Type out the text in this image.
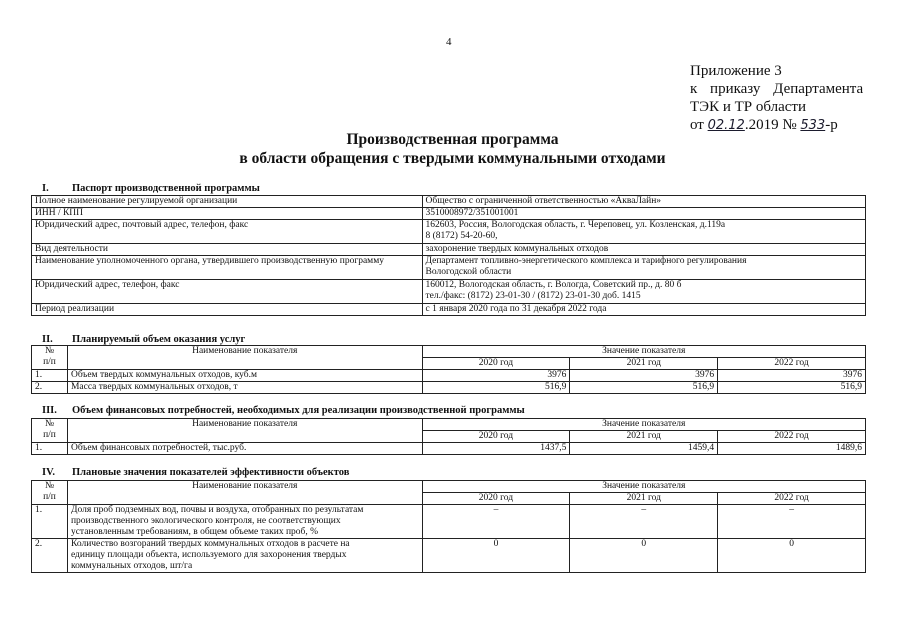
4
Приложение 3
к приказу Департамента
ТЭК и ТР области
от 02.12.2019 № 533-р
Производственная программа
в области обращения с твердыми коммунальными отходами
I. Паспорт производственной программы
Полное наименование регулируемой организации	Общество с ограниченной ответственностью «АкваЛайн»
ИНН / КПП	3510008972/351001001
Юридический адрес, почтовый адрес, телефон, факс	162603, Россия, Вологодская область, г. Череповец, ул. Козленская, д.119а
8 (8172) 54-20-60,

Вид деятельности	захоронение твердых коммунальных отходов
Наименование уполномоченного органа, утвердившего производственную программу	Департамент топливно-энергетического комплекса и тарифного регулирования
Вологодской области

Юридический адрес, телефон, факс	160012, Вологодская область, г. Вологда, Советский пр., д. 80 б
тел./факс: (8172) 23-01-30 / (8172) 23-01-30 доб. 1415

Период реализации	с 1 января 2020 года по 31 декабря 2022 года
II. Планируемый объем оказания услуг
№
п/п	Наименование показателя	Значение показателя		
		2020 год	2021 год	2022 год
1.	Объем твердых коммунальных отходов, куб.м	3976	3976	3976
2.	Масса твердых коммунальных отходов, т	516,9	516,9	516,9
III. Объем финансовых потребностей, необходимых для реализации производственной программы
№
п/п	Наименование показателя	Значение показателя		
		2020 год	2021 год	2022 год
1.	Объем финансовых потребностей, тыс.руб.	1437,5	1459,4	1489,6
IV. Плановые значения показателей эффективности объектов
№
п/п	Наименование показателя	Значение показателя		
		2020 год	2021 год	2022 год
1.	Доля проб подземных вод, почвы и воздуха, отобранных по результатам
производственного экологического контроля, не соответствующих
установленным требованиям, в общем объеме таких проб, %	–	–	–
2.	Количество возгораний твердых коммунальных отходов в расчете на
единицу площади объекта, используемого для захоронения твердых
коммунальных отходов, шт/га	0	0	0
